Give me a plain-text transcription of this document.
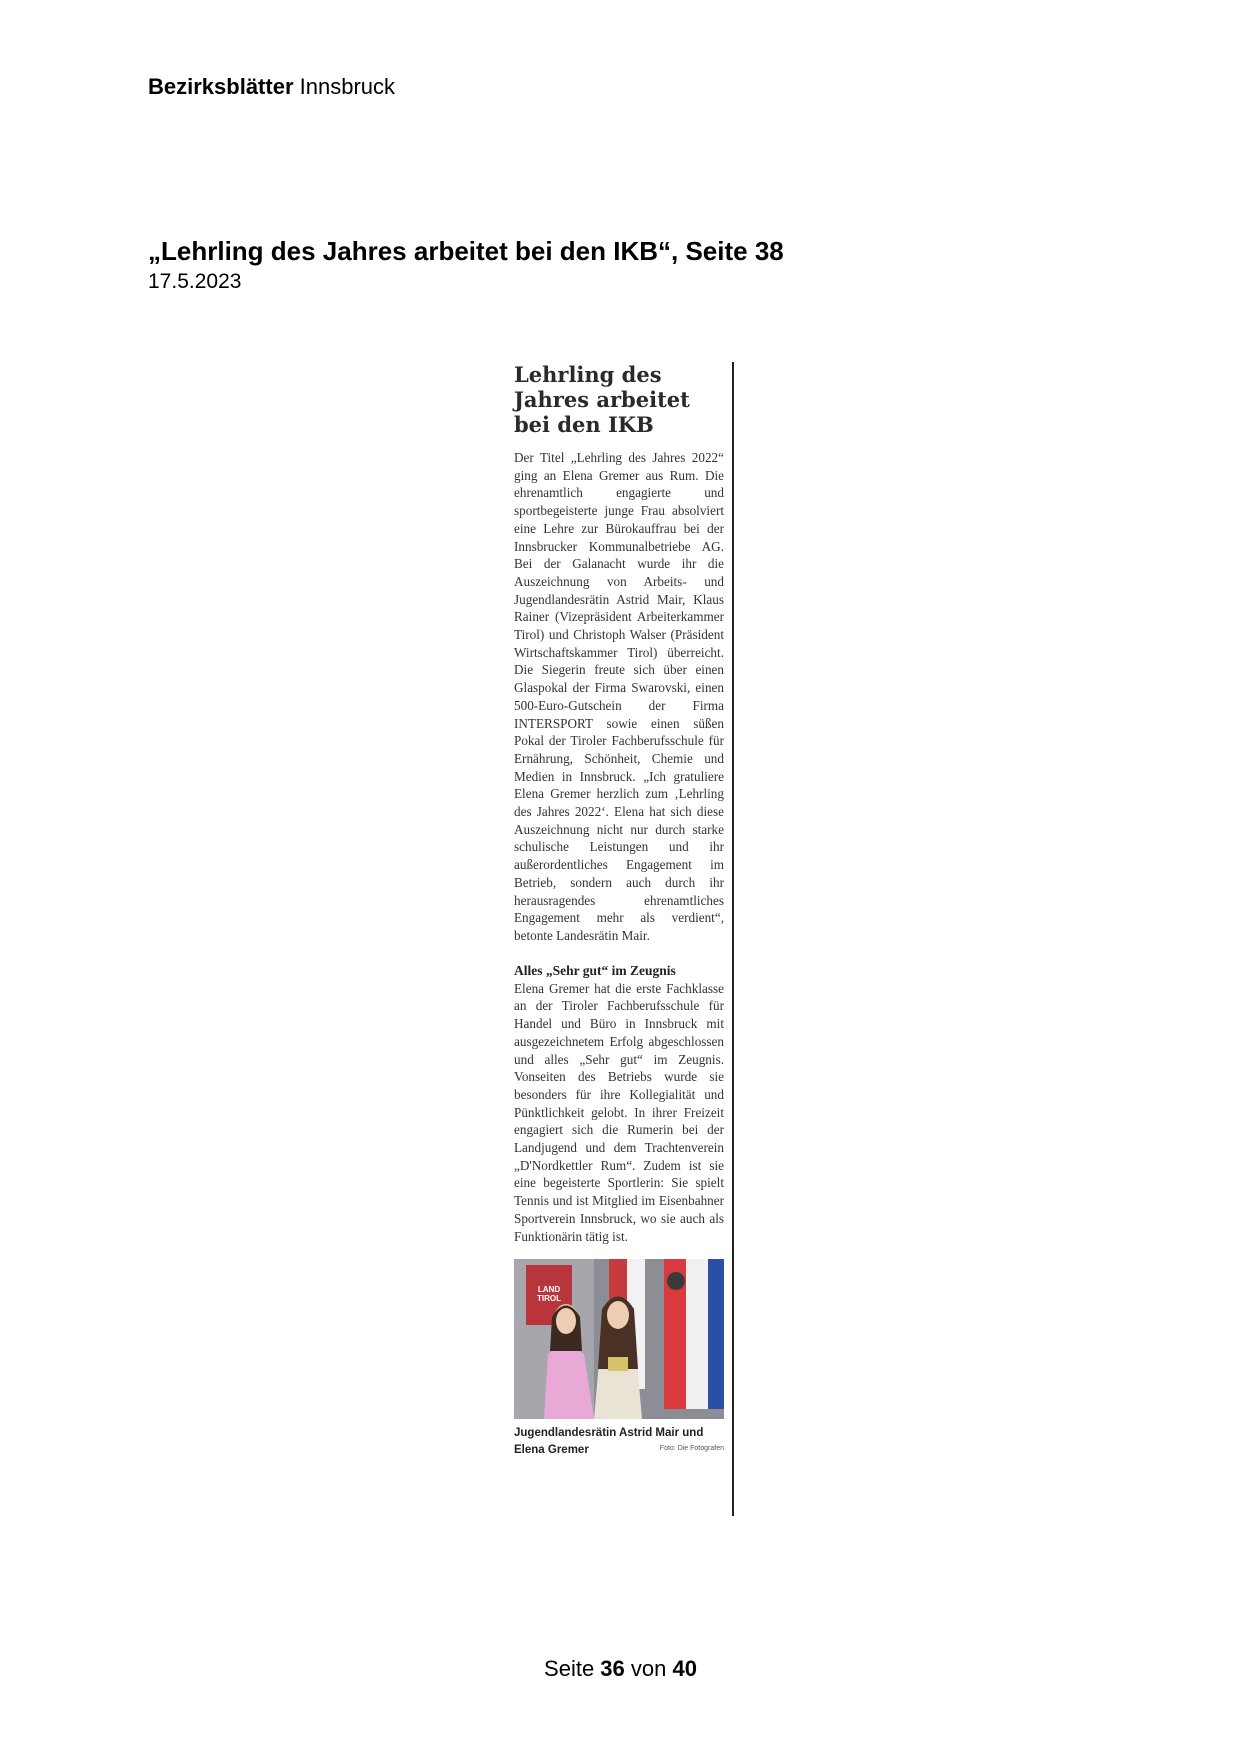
Bezirksblätter Innsbruck
„Lehrling des Jahres arbeitet bei den IKB“, Seite 38
17.5.2023
Lehrling des Jahres arbeitet bei den IKB
Der Titel „Lehrling des Jahres 2022“ ging an Elena Gremer aus Rum. Die ehrenamtlich engagierte und sportbegeisterte junge Frau absolviert eine Lehre zur Bürokauffrau bei der Innsbrucker Kommunalbetriebe AG. Bei der Galanacht wurde ihr die Auszeichnung von Arbeits- und Jugendlandesrätin Astrid Mair, Klaus Rainer (Vizepräsident Arbeiterkammer Tirol) und Christoph Walser (Präsident Wirtschaftskammer Tirol) überreicht. Die Siegerin freute sich über einen Glaspokal der Firma Swarovski, einen 500-Euro-Gutschein der Firma INTERSPORT sowie einen süßen Pokal der Tiroler Fachberufsschule für Ernährung, Schönheit, Chemie und Medien in Innsbruck. „Ich gratuliere Elena Gremer herzlich zum ‚Lehrling des Jahres 2022‘. Elena hat sich diese Auszeichnung nicht nur durch starke schulische Leistungen und ihr außerordentliches Engagement im Betrieb, sondern auch durch ihr herausragendes ehrenamtliches Engagement mehr als verdient“, betonte Landesrätin Mair.
Alles „Sehr gut“ im Zeugnis
Elena Gremer hat die erste Fachklasse an der Tiroler Fachberufsschule für Handel und Büro in Innsbruck mit ausgezeichnetem Erfolg abgeschlossen und alles „Sehr gut“ im Zeugnis. Vonseiten des Betriebs wurde sie besonders für ihre Kollegialität und Pünktlichkeit gelobt. In ihrer Freizeit engagiert sich die Rumerin bei der Landjugend und dem Trachtenverein „D'Nordkettler Rum“. Zudem ist sie eine begeisterte Sportlerin: Sie spielt Tennis und ist Mitglied im Eisenbahner Sportverein Innsbruck, wo sie auch als Funktionärin tätig ist.
LAND TIROL
Jugendlandesrätin Astrid Mair und Elena Gremer	Foto: Die Fotografen
Seite 36 von 40
